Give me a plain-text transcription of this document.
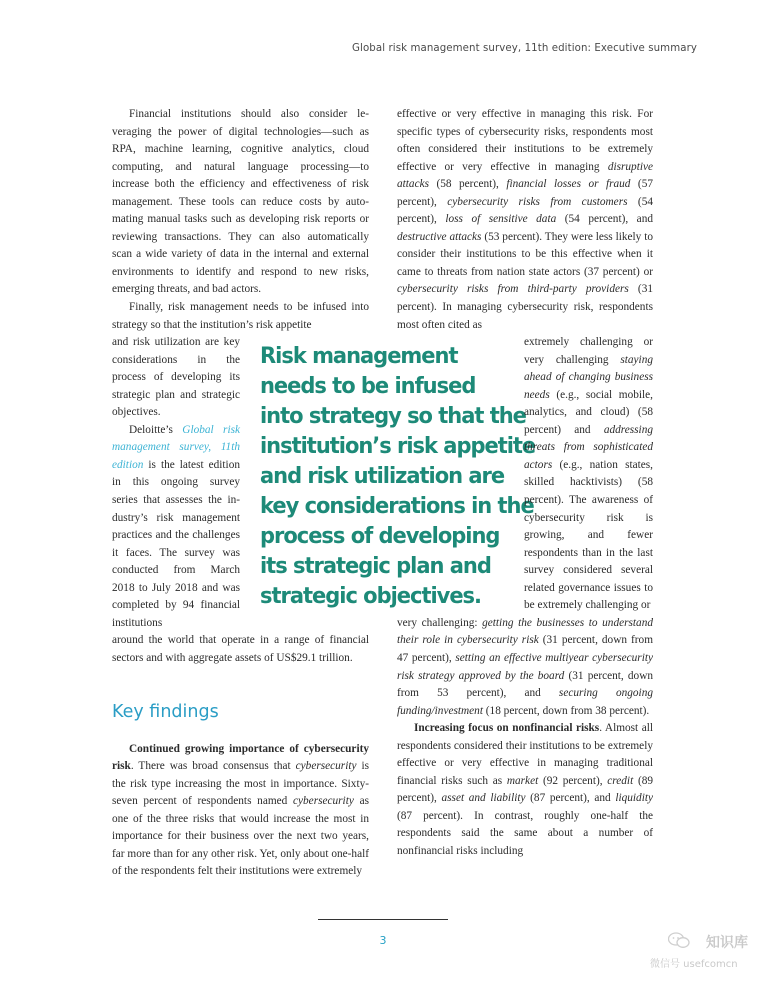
Global risk management survey, 11th edition: Executive summary

Financial institutions should also consider leveraging the power of digital technologies—such as RPA, machine learning, cognitive analytics, cloud computing, and natural language processing—to increase both the efficiency and effectiveness of risk management. These tools can reduce costs by automating manual tasks such as developing risk reports or reviewing transactions. They can also automatically scan a wide variety of data in the internal and external environments to identify and respond to new risks, emerging threats, and bad actors.

Finally, risk management needs to be infused into strategy so that the institution’s risk appetite

and risk utilization are key considerations in the process of developing its strategic plan and strategic objectives.

Deloitte’s Global risk management survey, 11th edition is the latest edition in this ongoing survey series that assesses the industry’s risk management practices and the challenges it faces. The survey was conducted from March 2018 to July 2018 and was completed by 94 financial institutions

around the world that operate in a range of financial sectors and with aggregate assets of US$29.1 trillion.

Key findings

Continued growing importance of cybersecurity risk. There was broad consensus that cybersecurity is the risk type increasing the most in importance. Sixty-seven percent of respondents named cybersecurity as one of the three risks that would increase the most in importance for their business over the next two years, far more than for any other risk. Yet, only about one-half of the respondents felt their institutions were extremely

Risk management
needs to be infused
into strategy so that the
institution’s risk appetite
and risk utilization are
key considerations in the
process of developing
its strategic plan and
strategic objectives.

effective or very effective in managing this risk. For specific types of cybersecurity risks, respondents most often considered their institutions to be extremely effective or very effective in managing disruptive attacks (58 percent), financial losses or fraud (57 percent), cybersecurity risks from customers (54 percent), loss of sensitive data (54 percent), and destructive attacks (53 percent). They were less likely to consider their institutions to be this effective when it came to threats from nation state actors (37 percent) or cybersecurity risks from third-party providers (31 percent). In managing cybersecurity risk, respondents most often cited as

extremely challenging or very challenging staying ahead of changing business needs (e.g., social mobile, analytics, and cloud) (58 percent) and addressing threats from sophisticated actors (e.g., nation states, skilled hacktivists) (58 percent). The awareness of cybersecurity risk is growing, and fewer respondents than in the last survey considered several related governance issues to be extremely challenging or

very challenging: getting the businesses to understand their role in cybersecurity risk (31 percent, down from 47 percent), setting an effective multiyear cybersecurity risk strategy approved by the board (31 percent, down from 53 percent), and securing ongoing funding/investment (18 percent, down from 38 percent).

Increasing focus on nonfinancial risks. Almost all respondents considered their institutions to be extremely effective or very effective in managing traditional financial risks such as market (92 percent), credit (89 percent), asset and liability (87 percent), and liquidity (87 percent). In contrast, roughly one-half the respondents said the same about a number of nonfinancial risks including

3	知识库
微信号 usefcomcn
